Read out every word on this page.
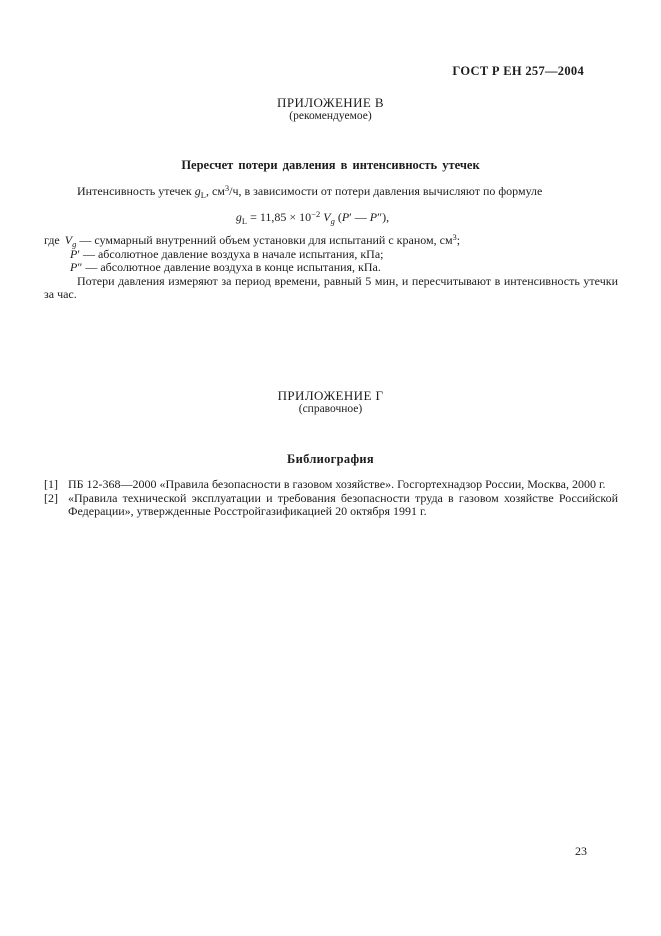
ГОСТ Р ЕН 257—2004
ПРИЛОЖЕНИЕ В
(рекомендуемое)
Пересчет потери давления в интенсивность утечек
Интенсивность утечек $g_L$, $см^3/ч$, в зависимости от потери давления вычисляют по формуле
$g_L = 11,85 \times 10^{-2}$ $V_g$ (P′ — P″),
где $V_g$ — суммарный внутренний объем установки для испытаний с краном, $см^3$;
P′ — абсолютное давление воздуха в начале испытания, кПа;
P″ — абсолютное давление воздуха в конце испытания, кПа.
Потери давления измеряют за период времени, равный 5 мин, и пересчитывают в интенсивность утечки за час.
ПРИЛОЖЕНИЕ Г
(справочное)
Библиография
[1] ПБ 12-368—2000 «Правила безопасности в газовом хозяйстве». Госгортехнадзор России, Москва, 2000 г.
[2] «Правила технической эксплуатации и требования безопасности труда в газовом хозяйстве Российской Федерации», утвержденные Росстройгазификацией 20 октября 1991 г.
23
